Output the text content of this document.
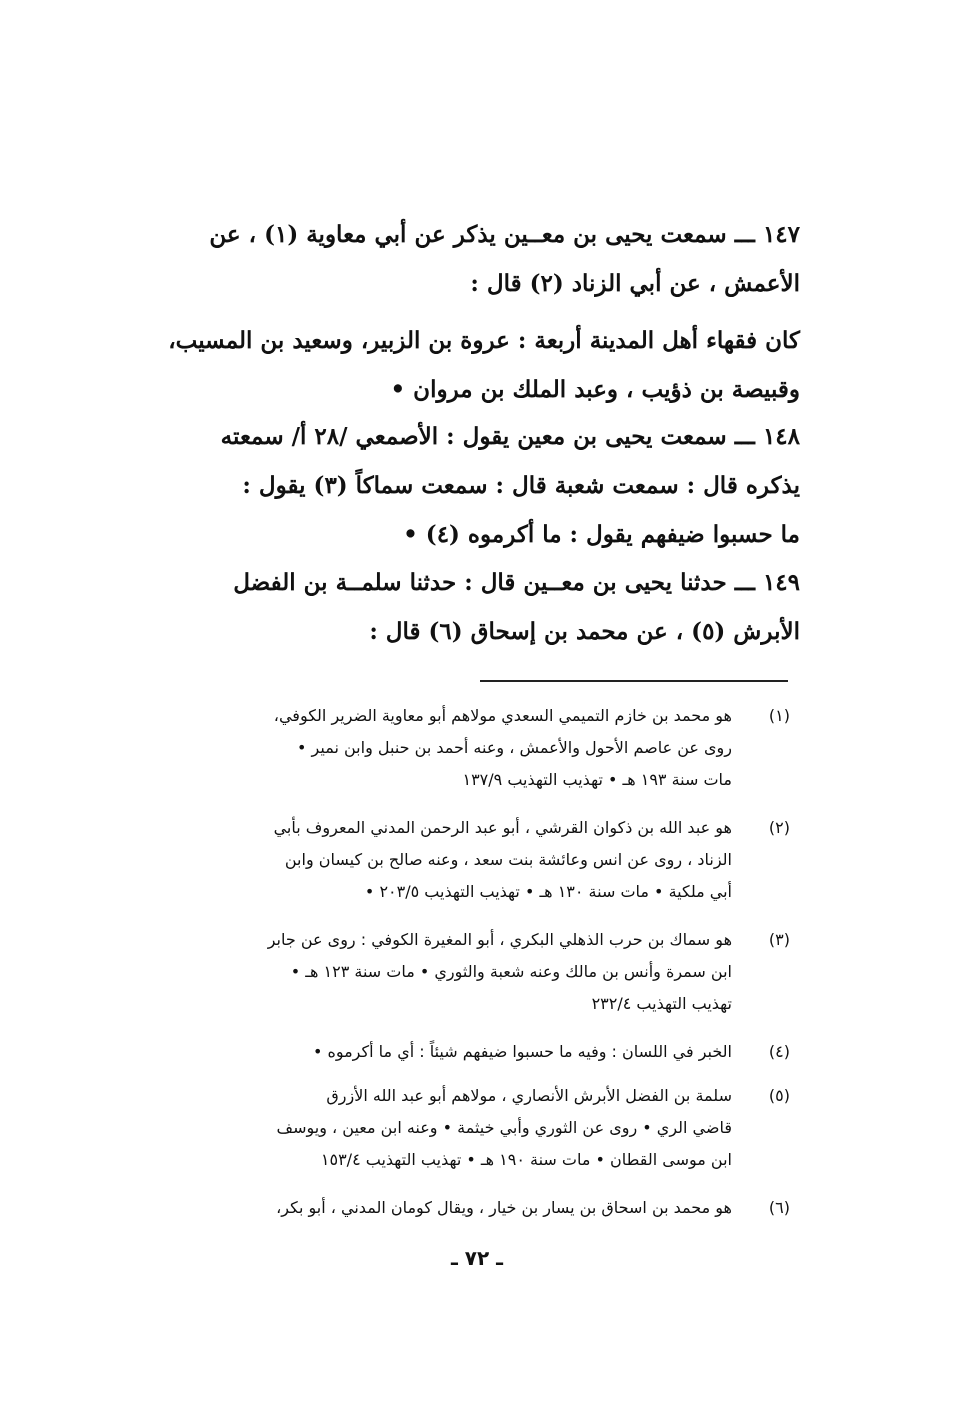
١٤٧ ـــ سمعت يحيى بن معــين يذكر عن أبي معاوية (١) ، عن
الأعمش ، عن أبي الزناد (٢) قال :

كان فقهاء أهل المدينة أربعة : عروة بن الزبير، وسعيد بن المسيب،
وقبيصة بن ذؤيب ، وعبد الملك بن مروان •

١٤٨ ـــ سمعت يحيى بن معين يقول : الأصمعي /٢٨ أ/ سمعته
يذكره قال : سمعت شعبة قال : سمعت سماكاً (٣) يقول :

ما حسبوا ضيفهم يقول : ما أكرموه (٤) •

١٤٩ ـــ حدثنا يحيى بن معــين قال : حدثنا سلمــة بن الفضل
الأبرش (٥) ، عن محمد بن إسحاق (٦) قال :

(١)
هو محمد بن خازم التميمي السعدي مولاهم أبو معاوية الضرير الكوفي،
روى عن عاصم الأحول والأعمش ، وعنه أحمد بن حنبل وابن نمير •
مات سنة ١٩٣ هـ • تهذيب التهذيب ١٣٧/٩
(٢)
هو عبد الله بن ذكوان القرشي ، أبو عبد الرحمن المدني المعروف بأبي
الزناد ، روى عن انس وعائشة بنت سعد ، وعنه صالح بن كيسان وابن
أبي ملكية • مات سنة ١٣٠ هـ • تهذيب التهذيب ٢٠٣/٥ •
(٣)
هو سماك بن حرب الذهلي البكري ، أبو المغيرة الكوفي : روى عن جابر
ابن سمرة وأنس بن مالك وعنه شعبة والثوري • مات سنة ١٢٣ هـ •
تهذيب التهذيب ٢٣٢/٤
(٤)
الخبر في اللسان : وفيه ما حسبوا ضيفهم شيئاً : أي ما أكرموه •
(٥)
سلمة بن الفضل الأبرش الأنصاري ، مولاهم أبو عبد الله الأزرق
قاضي الري • روى عن الثوري وأبي خيثمة • وعنه ابن معين ، ويوسف
ابن موسى القطان • مات سنة ١٩٠ هـ • تهذيب التهذيب ١٥٣/٤
(٦)
هو محمد بن اسحاق بن يسار بن خيار ، ويقال كومان المدني ، أبو بكر،
ـ ٧٢ ـ
